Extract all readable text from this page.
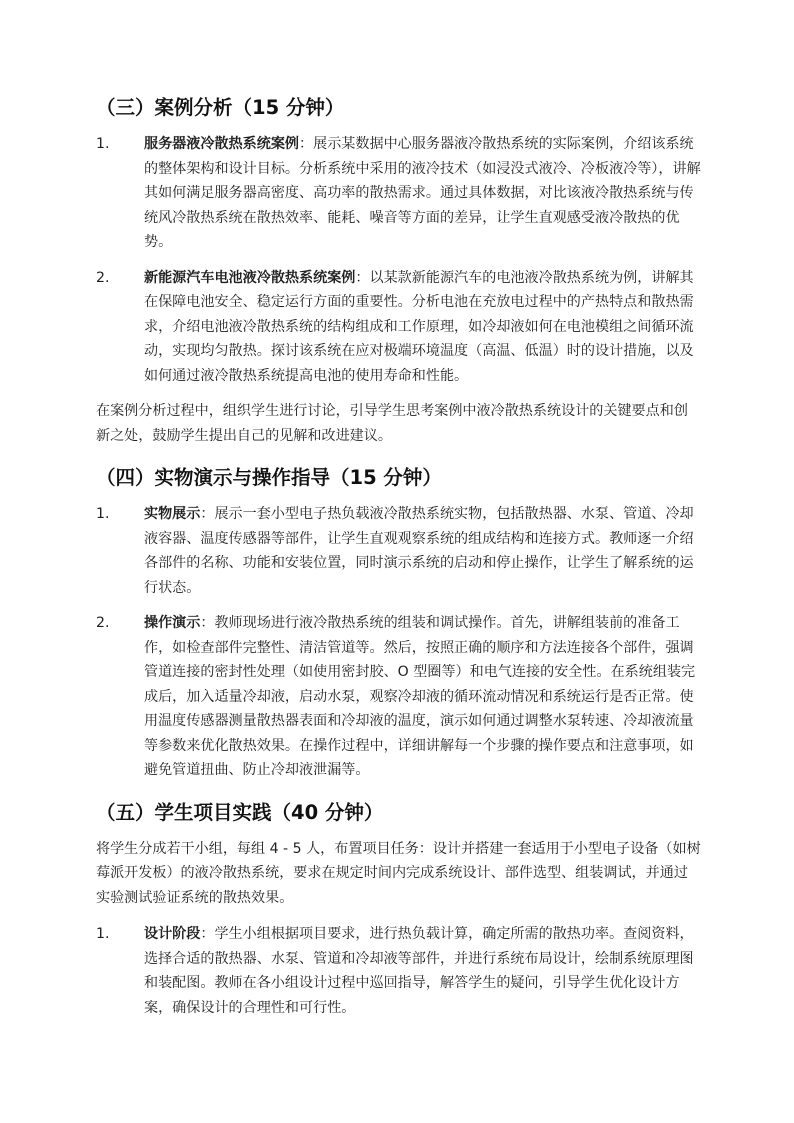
（三）案例分析（15 分钟）
1.	服务器液冷散热系统案例：展示某数据中心服务器液冷散热系统的实际案例，介绍该系统的整体架构和设计目标。分析系统中采用的液冷技术（如浸没式液冷、冷板液冷等），讲解其如何满足服务器高密度、高功率的散热需求。通过具体数据，对比该液冷散热系统与传统风冷散热系统在散热效率、能耗、噪音等方面的差异，让学生直观感受液冷散热的优势。
2.	新能源汽车电池液冷散热系统案例：以某款新能源汽车的电池液冷散热系统为例，讲解其在保障电池安全、稳定运行方面的重要性。分析电池在充放电过程中的产热特点和散热需求，介绍电池液冷散热系统的结构组成和工作原理，如冷却液如何在电池模组之间循环流动，实现均匀散热。探讨该系统在应对极端环境温度（高温、低温）时的设计措施，以及如何通过液冷散热系统提高电池的使用寿命和性能。

在案例分析过程中，组织学生进行讨论，引导学生思考案例中液冷散热系统设计的关键要点和创新之处，鼓励学生提出自己的见解和改进建议。

（四）实物演示与操作指导（15 分钟）
1.	实物展示：展示一套小型电子热负载液冷散热系统实物，包括散热器、水泵、管道、冷却液容器、温度传感器等部件，让学生直观观察系统的组成结构和连接方式。教师逐一介绍各部件的名称、功能和安装位置，同时演示系统的启动和停止操作，让学生了解系统的运行状态。
2.	操作演示：教师现场进行液冷散热系统的组装和调试操作。首先，讲解组装前的准备工作，如检查部件完整性、清洁管道等。然后，按照正确的顺序和方法连接各个部件，强调管道连接的密封性处理（如使用密封胶、O 型圈等）和电气连接的安全性。在系统组装完成后，加入适量冷却液，启动水泵，观察冷却液的循环流动情况和系统运行是否正常。使用温度传感器测量散热器表面和冷却液的温度，演示如何通过调整水泵转速、冷却液流量等参数来优化散热效果。在操作过程中，详细讲解每一个步骤的操作要点和注意事项，如避免管道扭曲、防止冷却液泄漏等。
（五）学生项目实践（40 分钟）

将学生分成若干小组，每组 4 - 5 人，布置项目任务：设计并搭建一套适用于小型电子设备（如树莓派开发板）的液冷散热系统，要求在规定时间内完成系统设计、部件选型、组装调试，并通过实验测试验证系统的散热效果。

1.	设计阶段：学生小组根据项目要求，进行热负载计算，确定所需的散热功率。查阅资料，选择合适的散热器、水泵、管道和冷却液等部件，并进行系统布局设计，绘制系统原理图和装配图。教师在各小组设计过程中巡回指导，解答学生的疑问，引导学生优化设计方案，确保设计的合理性和可行性。
